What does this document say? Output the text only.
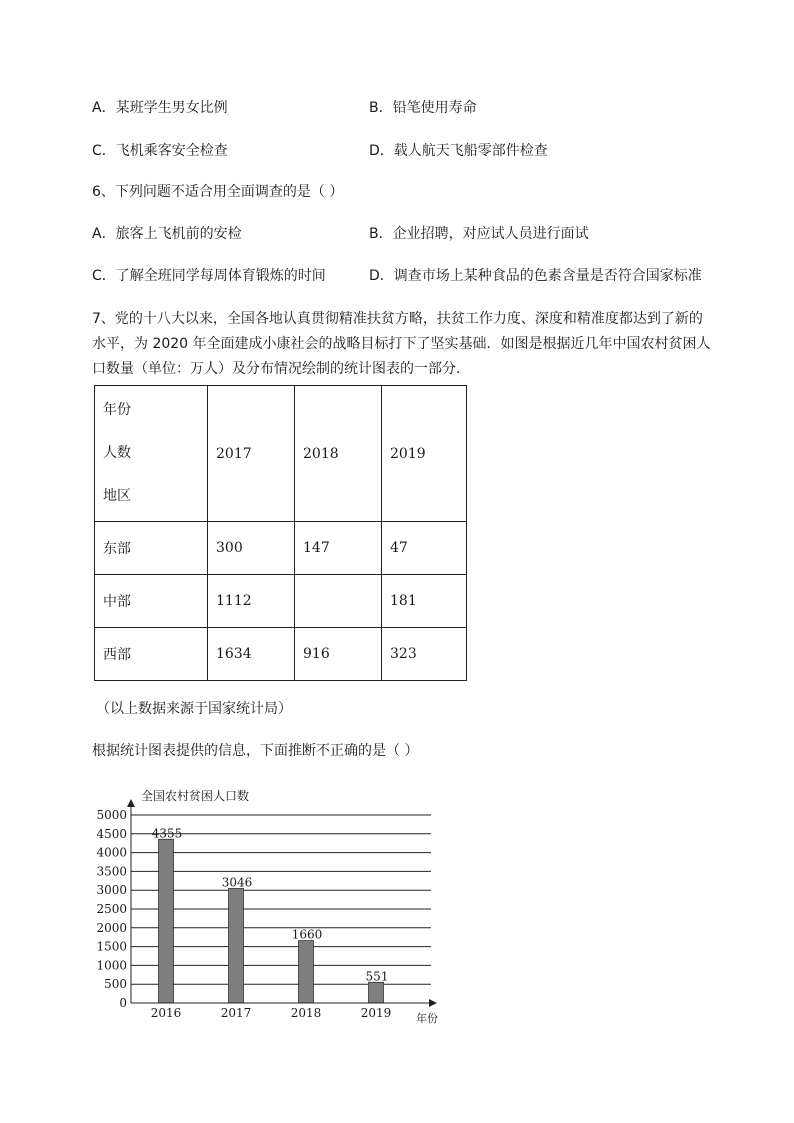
A．某班学生男女比例	B．铅笔使用寿命
C．飞机乘客安全检查	D．载人航天飞船零部件检查
6、下列问题不适合用全面调查的是（ ）
A．旅客上飞机前的安检	B．企业招聘，对应试人员进行面试
C．了解全班同学每周体育锻炼的时间	D．调查市场上某种食品的色素含量是否符合国家标准
7、党的十八大以来，全国各地认真贯彻精准扶贫方略，扶贫工作力度、深度和精准度都达到了新的
水平，为 2020 年全面建成小康社会的战略目标打下了坚实基础．如图是根据近几年中国农村贫困人
口数量（单位：万人）及分布情况绘制的统计图表的一部分．
年份
人数
地区	2017	2018	2019
东部	300	147	47
中部	1112		181
西部	1634	916	323
（以上数据来源于国家统计局）
根据统计图表提供的信息，下面推断不正确的是（ ）
0
500
1000
1500
2000
2500
3000
3500
4000
4500
5000
4355
2016
3046
2017
1660
2018
551
2019
全国农村贫困人口数
年份
